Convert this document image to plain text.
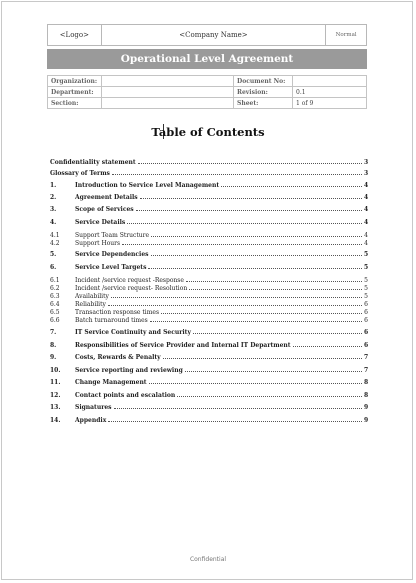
<Logo>	<Company Name>	Normal
Operational Level Agreement
Organization:		Document No:	
Department:		Revision:	0.1
Section:		Sheet:	1 of 9
Table of Contents
Confidentiality statement	3
Glossary of Terms	3
1.	Introduction to Service Level Management	4
2.	Agreement Details	4
3.	Scope of Services	4
4.	Service Details	4
4.1	Support Team Structure	4
4.2	Support Hours	4
5.	Service Dependencies	5
6.	Service Level Targets	5
6.1	Incident /service request -Response	5
6.2	Incident /service request- Resolution	5
6.3	Availability	5
6.4	Reliability	6
6.5	Transaction response times	6
6.6	Batch turnaround times	6
7.	IT Service Continuity and Security	6
8.	Responsibilities of Service Provider and Internal IT Department	6
9.	Costs, Rewards & Penalty	7
10.	Service reporting and reviewing	7
11.	Change Management	8
12.	Contact points and escalation	8
13.	Signatures	9
14.	Appendix	9
Confidential
